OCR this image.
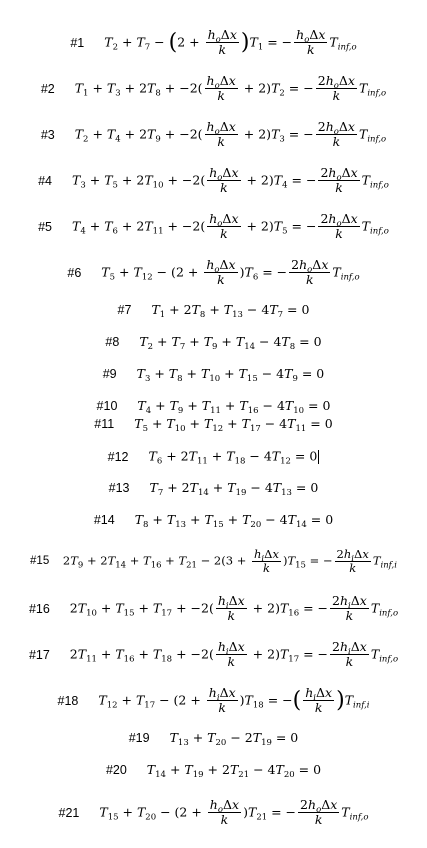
#1 $T_2 + T_7 - (2 + \frac{h_o\Delta x}{k} )T_1$ = − $\frac{h_o\Delta x}{k} T_{inf,o}$
#2 $T_1 + T_3 + 2T_8 + -2( \frac{h_o\Delta x}{k} + 2)T_2$ = − $\frac{2h_o\Delta x}{k} T_{inf,o}$
#3 $T_2 + T_4 + 2T_9 + -2( \frac{h_o\Delta x}{k} + 2)T_3$ = − $\frac{2h_o\Delta x}{k} T_{inf,o}$
#4 $T_3 + T_5 + 2T_{10} + -2( \frac{h_o\Delta x}{k} + 2)T_4$ = − $\frac{2h_o\Delta x}{k} T_{inf,o}$
#5 $T_4 + T_6 + 2T_{11} + -2( \frac{h_o\Delta x}{k} + 2)T_5$ = − $\frac{2h_o\Delta x}{k} T_{inf,o}$
#6 $T_5 + T_{12} - (2 + \frac{h_o\Delta x}{k} )T_6$ = − $\frac{2h_o\Delta x}{k} T_{inf,o}$
#7 $T_1 + 2T_8 + T_{13} - 4T_7 = 0$
#8 $T_2 + T_7 + T_9 + T_{14} - 4T_8 = 0$
#9 $T_3 + T_8 + T_{10} + T_{15} - 4T_9 = 0$
#10 $T_4 + T_9 + T_{11} + T_{16} - 4T_{10} = 0$
#11 $T_5 + T_{10} + T_{12} + T_{17} - 4T_{11} = 0$
#12 $T_6 + 2T_{11} + T_{18} - 4T_{12} = 0$
#13 $T_7 + 2T_{14} + T_{19} - 4T_{13} = 0$
#14 $T_8 + T_{13} + T_{15} + T_{20} - 4T_{14} = 0$
#15 $2T_9 + 2T_{14} + T_{16} + T_{21} - 2(3 + \frac{h_i\Delta x}{k} )T_{15}$ = − $\frac{2h_i\Delta x}{k} T_{inf,i}$
#16 $2T_{10} + T_{15} + T_{17} + -2( \frac{h_i\Delta x}{k} + 2)T_{16}$ = − $\frac{2h_i\Delta x}{k} T_{inf,o}$
#17 $2T_{11} + T_{16} + T_{18} + -2( \frac{h_i\Delta x}{k} + 2)T_{17}$ = − $\frac{2h_i\Delta x}{k} T_{inf,o}$
#18 $T_{12} + T_{17} - (2 + \frac{h_i\Delta x}{k} )T_{18}$ = −( $\frac{h_i\Delta x}{k} )T_{inf,i}$
#19 $T_{13} + T_{20} - 2T_{19} = 0$
#20 $T_{14} + T_{19} + 2T_{21} - 4T_{20} = 0$
#21 $T_{15} + T_{20} - (2 + \frac{h_o\Delta x}{k} )T_{21}$ = − $\frac{2h_o\Delta x}{k} T_{inf,o}$
